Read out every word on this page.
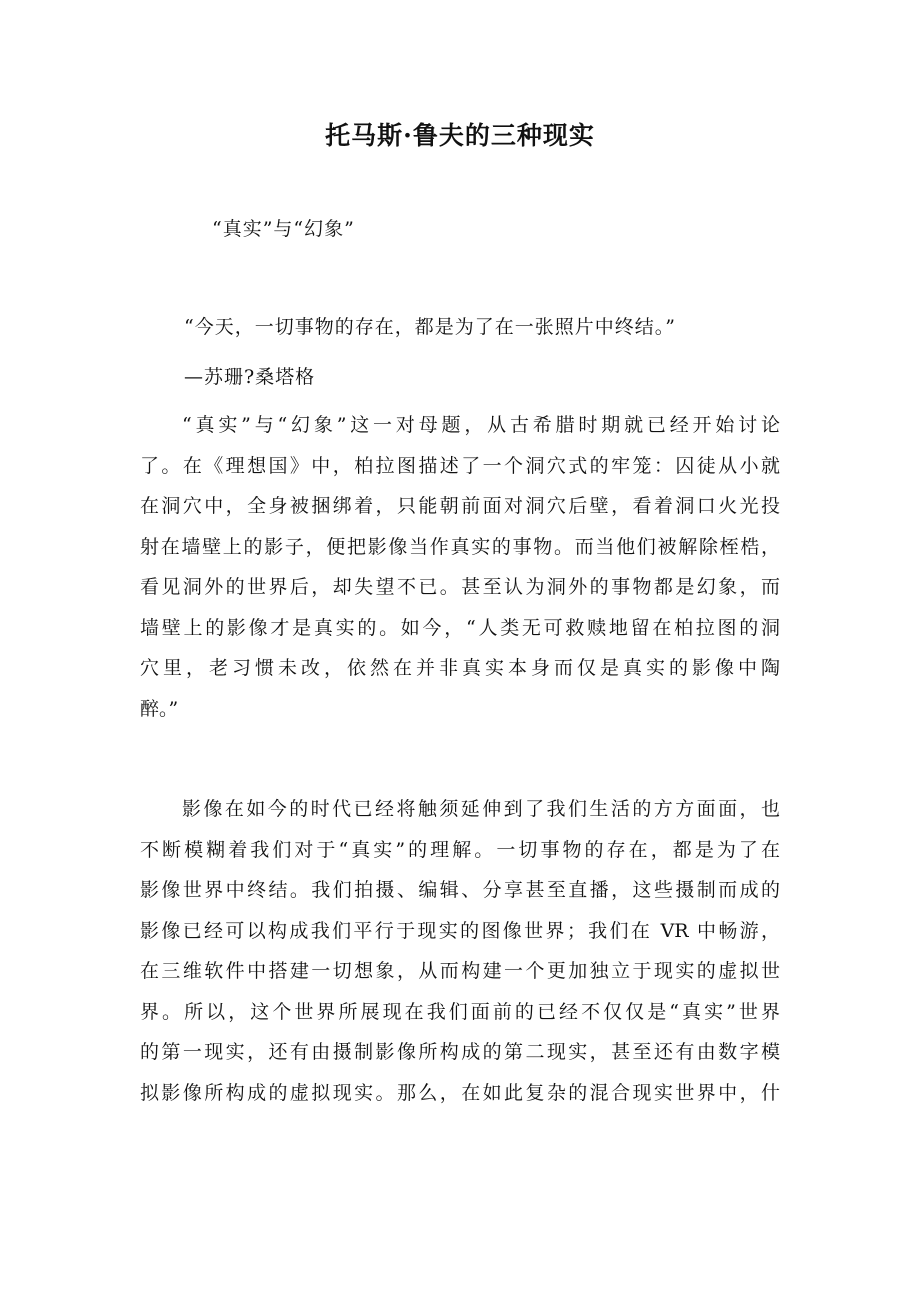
托马斯·鲁夫的三种现实
“真实”与“幻象”
“今天，一切事物的存在，都是为了在一张照片中终结。”
—苏珊?桑塔格
“真实”与“幻象”这一对母题，从古希腊时期就已经开始讨论
了。在《理想国》中，柏拉图描述了一个洞穴式的牢笼：囚徒从小就
在洞穴中，全身被捆绑着，只能朝前面对洞穴后壁，看着洞口火光投
射在墙壁上的影子，便把影像当作真实的事物。而当他们被解除桎梏，
看见洞外的世界后，却失望不已。甚至认为洞外的事物都是幻象，而
墙壁上的影像才是真实的。如今，“人类无可救赎地留在柏拉图的洞
穴里，老习惯未改，依然在并非真实本身而仅是真实的影像中陶
醉。”
影像在如今的时代已经将触须延伸到了我们生活的方方面面，也
不断模糊着我们对于“真实”的理解。一切事物的存在，都是为了在
影像世界中终结。我们拍摄、编辑、分享甚至直播，这些摄制而成的
影像已经可以构成我们平行于现实的图像世界；我们在 VR 中畅游，
在三维软件中搭建一切想象，从而构建一个更加独立于现实的虚拟世
界。所以，这个世界所展现在我们面前的已经不仅仅是“真实”世界
的第一现实，还有由摄制影像所构成的第二现实，甚至还有由数字模
拟影像所构成的虚拟现实。那么，在如此复杂的混合现实世界中，什
